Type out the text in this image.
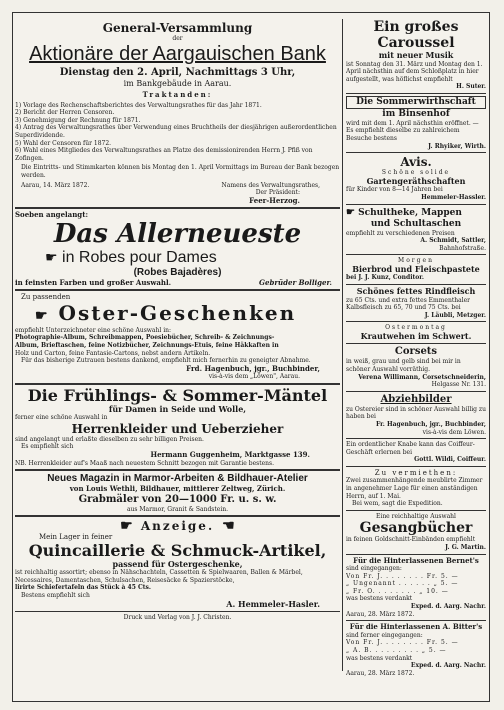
General-Versammlung
der
Aktionäre der Aargauischen Bank
Dienstag den 2. April, Nachmittags 3 Uhr,
im Bankgebäude in Aarau.
Traktanden:
1) Vorlage des Rechenschaftsberichtes des Verwaltungsrathes für das Jahr 1871.
2) Bericht der Herren Censoren.
3) Genehmigung der Rechnung für 1871.
4) Antrag des Verwaltungsrathes über Verwendung eines Bruchtheils der diesjährigen außerordentlichen Superdividende.
5) Wahl der Censoren für 1872.
6) Wahl eines Mitgliedes des Verwaltungsrathes an Platze des demissionirenden Herrn J. Pfiß von Zofingen.
Die Eintritts- und Stimmkarten können bis Montag den 1. April Vormittags im Bureau der Bank bezogen werden.
Aarau, 14. März 1872.	Namens des Verwaltungsrathes,
Der Präsident:
Feer-Herzog.
Soeben angelangt:
Das Allerneueste
☛ in Robes pour Dames
(Robes Bajadères)
in feinsten Farben und großer Auswahl.	Gebrüder Bolliger.
Zu passenden
☛ Oster-Geschenken
empfiehlt Unterzeichneter eine schöne Auswahl in:
Photographie-Album, Schreibmappen, Poesiebücher, Schreib- & Zeichnungs-
Album, Brieftaschen, feine Notizbücher, Zeichnungs-Etuis, feine Häkkaften in
Holz und Carton, feine Fantasie-Cartons, nebst andern Artikeln.
Für das bisherige Zutrauen bestens dankend, empfiehlt mich fernerhin zu geneigter Abnahme.
Frd. Hagenbuch, jgr., Buchbinder,
vis-à-vis dem „Löwen", Aarau.
Die Frühlings- & Sommer-Mäntel
für Damen in Seide und Wolle,
ferner eine schöne Auswahl in
Herrenkleider und Ueberzieher
sind angelangt und erlaßte dieselben zu sehr billigen Preisen.
Es empfiehlt sich
Hermann Guggenheim, Marktgasse 139.
NB. Herrenkleider auf's Maaß nach neuestem Schnitt bezogen mit Garantie bestens.
Neues Magazin in Marmor-Arbeiten & Bildhauer-Atelier
von Louis Wethli, Bildhauer, mittlerer Zeltweg, Zürich.
Grabmäler von 20—1000 Fr. u. s. w.
aus Marmor, Granit & Sandstein.
☛ Anzeige. ☛
Mein Lager in feiner
Quincaillerie & Schmuck-Artikel,
passend für Ostergeschenke,
ist reichhaltig assortirt; ebenso in Nähschachteln, Cassetten & Spielwaaren, Ballen & Märbel, Necessaires, Damentaschen, Schulsachen, Reisesäcke & Spazierstöcke,
lirirte Schiefertafeln das Stück à 45 Cts.
Bestens empfiehlt sich
A. Hemmeler-Hasler.
Druck und Verlag von J. J. Christen.
Ein großes Caroussel
mit neuer Musik
ist Sonntag den 31. März und Montag den 1. April nächsthin auf dem Schloßplatz in hier aufgestellt, was höflichst empfiehlt
H. Suter.
Die Sommerwirthschaft
im Binsenhof
wird mit dem 1. April nächsthin eröffnet. — Es empfiehlt dieselbe zu zahlreichem Besuche bestens
J. Rhyiker, Wirth.
Avis.
Schöne solide
Gartengeräthschaften
für Kinder von 8—14 Jahren bei
Hemmeler-Hassler.
☛ Schultheke, Mappen
und Schultaschen
empfiehlt zu verschiedenen Preisen
A. Schmidt, Sattler,
Bahnhofstraße.
Morgen
Bierbrod und Fleischpastete
bei J. J. Kunz, Conditor.
Schönes fettes Rindfleisch
zu 65 Cts. und extra fettes Emmenthaler Kalbsfleisch zu 65, 70 und 75 Cts. bei
J. Läubli, Metzger.
Ostermontag
Krautwehen im Schwert.
Corsets
in weiß, grau und gelb sind bei mir in schöner Auswahl vorräthig.
Verena Willimann, Corsetschneiderin,
Helgasse Nr. 131.
Abziehbilder
zu Ostereier sind in schöner Auswahl billig zu haben bei
Fr. Hagenbuch, jgr., Buchbinder,
vis-à-vis dem Löwen.
Ein ordentlicher Knabe kann das Coiffeur-Geschäft erlernen bei
Gottl. Wildi, Coiffeur.
Zu vermiethen:
Zwei zusammenhängende meublirte Zimmer in angenehmer Lage für einen anständigen Herrn, auf 1. Mai.
Bei wem, sagt die Expedition.
Eine reichhaltige Auswahl
Gesangbücher
in feinen Goldschnitt-Einbänden empfiehlt
J. G. Martin.
Für die Hinterlassenen Bernet's
sind eingegangen:
Von Fr. J. . . . . . . . Fr. 5. —
„ Ungenannt . . . . . . „ 5. —
„ Fr. O. . . . . . . . „ 10. —
was bestens verdankt
Exped. d. Aarg. Nachr.
Aarau, 28. März 1872.
Für die Hinterlassenen A. Bitter's
sind ferner eingegangen:
Von Fr. J. . . . . . . . Fr. 5. —
„ A. B. . . . . . . . . „ 5. —
was bestens verdankt
Exped. d. Aarg. Nachr.
Aarau, 28. März 1872.
